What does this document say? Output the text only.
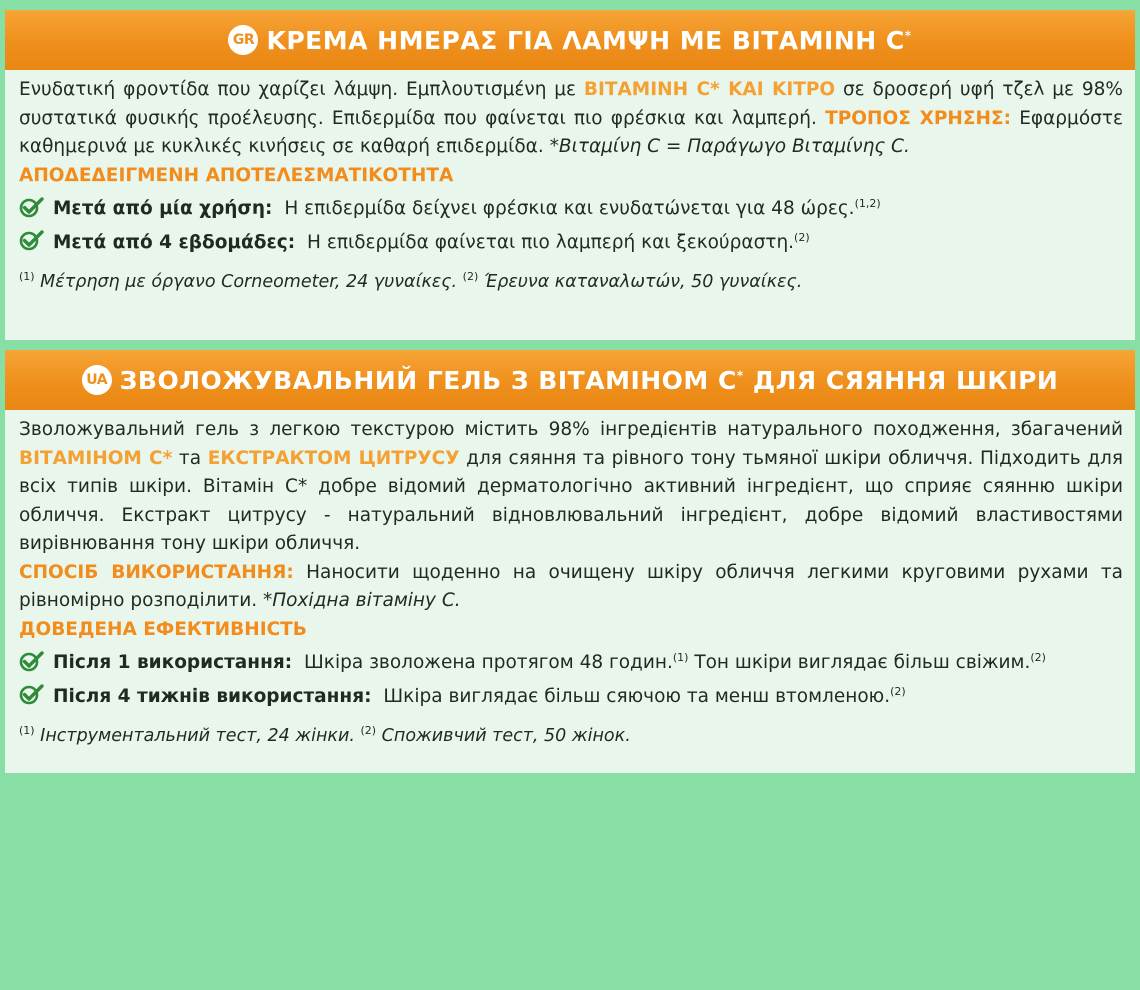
GR ΚΡΕΜΑ ΗΜΕΡΑΣ ΓΙΑ ΛΑΜΨΗ ΜΕ ΒΙΤΑΜΙΝΗ C*

Ενυδατική φροντίδα που χαρίζει λάμψη. Εμπλουτισμένη με ΒΙΤΑΜΙΝΗ C* ΚΑΙ ΚΙΤΡΟ σε δροσερή υφή τζελ με 98% συστατικά φυσικής προέλευσης. Επιδερμίδα που φαίνεται πιο φρέσκια και λαμπερή. ΤΡΟΠΟΣ ΧΡΗΣΗΣ: Εφαρμόστε καθημερινά με κυκλικές κινήσεις σε καθαρή επιδερμίδα. *Βιταμίνη C = Παράγωγο Βιταμίνης C.

ΑΠΟΔΕΔΕΙΓΜΕΝΗ ΑΠΟΤΕΛΕΣΜΑΤΙΚΟΤΗΤΑ
Μετά από μία χρήση: Η επιδερμίδα δείχνει φρέσκια και ενυδατώνεται για 48 ώρες.$^{(1,2)}$
Μετά από 4 εβδομάδες: Η επιδερμίδα φαίνεται πιο λαμπερή και ξεκούραστη.$^{(2)}$
$^{(1)}$ Μέτρηση με όργανο Corneometer, 24 γυναίκες. $^{(2)}$ Έρευνα καταναλωτών, 50 γυναίκες.
UA ЗВОЛОЖУВАЛЬНИЙ ГЕЛЬ З ВІТАМІНОМ С* ДЛЯ СЯЯННЯ ШКІРИ

Зволожувальний гель з легкою текстурою містить 98% інгредієнтів натурального походження, збагачений ВІТАМІНОМ С* та ЕКСТРАКТОМ ЦИТРУСУ для сяяння та рівного тону тьмяної шкіри обличчя. Підходить для всіх типів шкіри. Вітамін С* добре відомий дерматологічно активний інгредієнт, що сприяє сяянню шкіри обличчя. Екстракт цитрусу - натуральний відновлювальний інгредієнт, добре відомий властивостями вирівнювання тону шкіри обличчя.

СПОСІБ ВИКОРИСТАННЯ: Наносити щоденно на очищену шкіру обличчя легкими круговими рухами та рівномірно розподілити. *Похідна вітаміну С.

ДОВЕДЕНА ЕФЕКТИВНІСТЬ
Після 1 використання: Шкіра зволожена протягом 48 годин.$^{(1)}$ Тон шкіри виглядає більш свіжим.$^{(2)}$
Після 4 тижнів використання: Шкіра виглядає більш сяючою та менш втомленою.$^{(2)}$
$^{(1)}$ Інструментальний тест, 24 жінки. $^{(2)}$ Споживчий тест, 50 жінок.
